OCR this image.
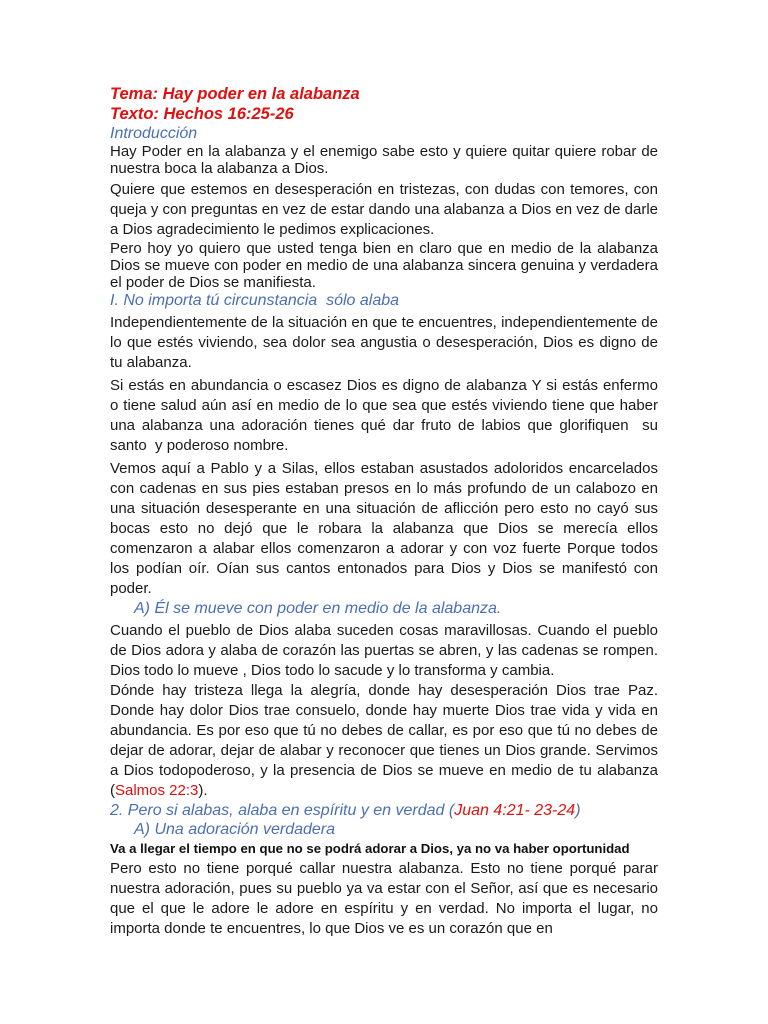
Tema: Hay poder en la alabanza
Texto: Hechos 16:25-26
Introducción

Hay Poder en la alabanza y el enemigo sabe esto y quiere quitar quiere robar de nuestra boca la alabanza a Dios.

Quiere que estemos en desesperación en tristezas, con dudas con temores, con queja y con preguntas en vez de estar dando una alabanza a Dios en vez de darle a Dios agradecimiento le pedimos explicaciones.

Pero hoy yo quiero que usted tenga bien en claro que en medio de la alabanza Dios se mueve con poder en medio de una alabanza sincera genuina y verdadera el poder de Dios se manifiesta.

I. No importa tú circunstancia  sólo alaba

Independientemente de la situación en que te encuentres, independientemente de lo que estés viviendo, sea dolor sea angustia o desesperación, Dios es digno de tu alabanza.

Si estás en abundancia o escasez Dios es digno de alabanza Y si estás enfermo o tiene salud aún así en medio de lo que sea que estés viviendo tiene que haber una alabanza una adoración tienes qué dar fruto de labios que glorifiquen  su santo  y poderoso nombre.

Vemos aquí a Pablo y a Silas, ellos estaban asustados adoloridos encarcelados con cadenas en sus pies estaban presos en lo más profundo de un calabozo en una situación desesperante en una situación de aflicción pero esto no cayó sus bocas esto no dejó que le robara la alabanza que Dios se merecía ellos comenzaron a alabar ellos comenzaron a adorar y con voz fuerte Porque todos los podían oír. Oían sus cantos entonados para Dios y Dios se manifestó con poder.

A) Él se mueve con poder en medio de la alabanza.

Cuando el pueblo de Dios alaba suceden cosas maravillosas. Cuando el pueblo de Dios adora y alaba de corazón las puertas se abren, y las cadenas se rompen. Dios todo lo mueve , Dios todo lo sacude y lo transforma y cambia.

Dónde hay tristeza llega la alegría, donde hay desesperación Dios trae Paz. Donde hay dolor Dios trae consuelo, donde hay muerte Dios trae vida y vida en abundancia. Es por eso que tú no debes de callar, es por eso que tú no debes de dejar de adorar, dejar de alabar y reconocer que tienes un Dios grande. Servimos a Dios todopoderoso, y la presencia de Dios se mueve en medio de tu alabanza (Salmos 22:3).

2. Pero si alabas, alaba en espíritu y en verdad (Juan 4:21- 23-24)
A) Una adoración verdadera
Va a llegar el tiempo en que no se podrá adorar a Dios, ya no va haber oportunidad

Pero esto no tiene porqué callar nuestra alabanza. Esto no tiene porqué parar nuestra adoración, pues su pueblo ya va estar con el Señor, así que es necesario que el que le adore le adore en espíritu y en verdad. No importa el lugar, no importa donde te encuentres, lo que Dios ve es un corazón que en
